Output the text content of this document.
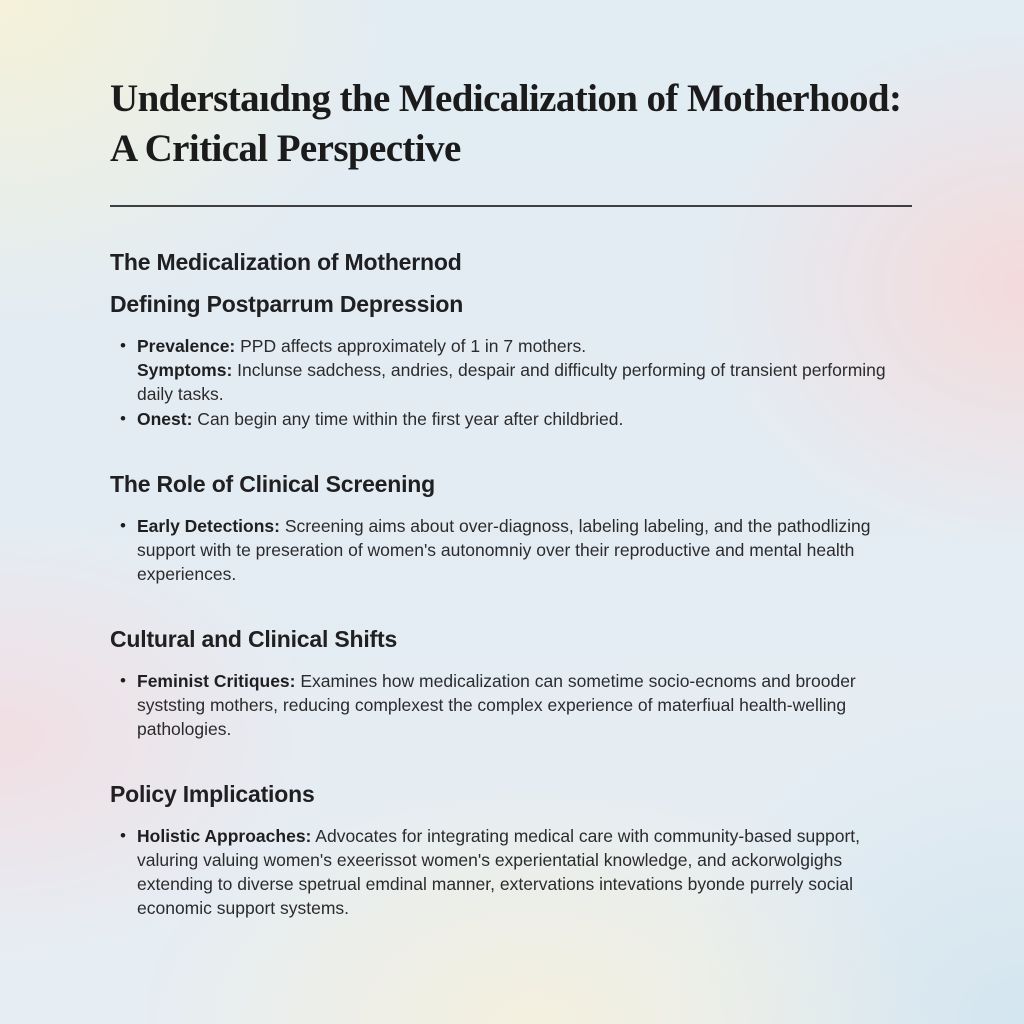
Understaıdng the Medicalization of Motherhood:
A Critical Perspective
The Medicalization of Mothernod
Defining Postparrum Depression
• Prevalence: PPD affects approximately of 1 in 7 mothers.
Symptoms: Inclunse sadchess, andries, despair and difficulty performing of transient performing daily tasks.
• Onest: Can begin any time within the first year after childbried.
The Role of Clinical Screening
• Early Detections: Screening aims about over-diagnoss, labeling labeling, and the pathodlizing support with te preseration of women's autonomniy over their reproductive and mental health experiences.
Cultural and Clinical Shifts
• Feminist Critiques: Examines how medicalization can sometime socio-ecnoms and brooder syststing mothers, reducing complexest the complex experience of materfiual health-welling pathologies.
Policy Implications
• Holistic Approaches: Advocates for integrating medical care with community-based support, valuring valuing women's exeerissot women's experientatial knowledge, and ackorwolgighs extending to diverse spetrual emdinal manner, extervations intevations byonde purrely social economic support systems.
